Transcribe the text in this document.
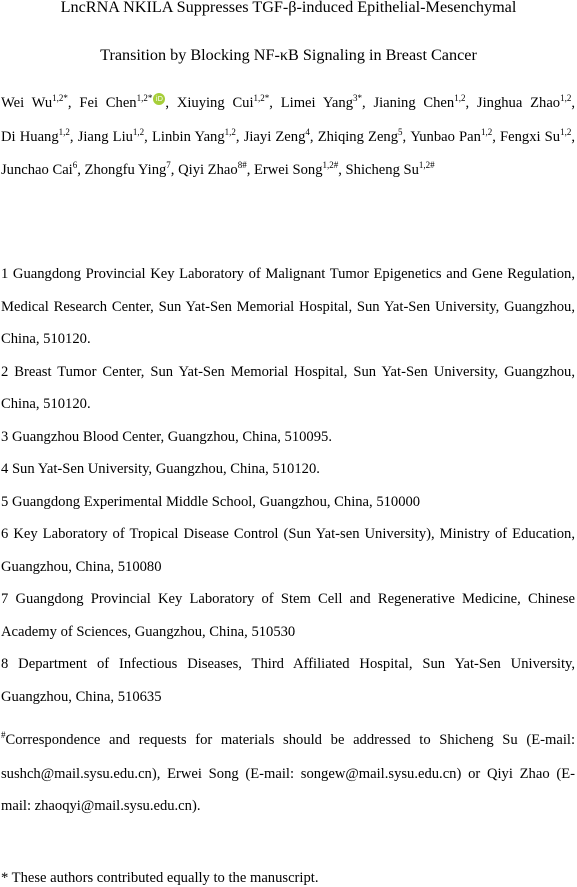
LncRNA NKILA Suppresses TGF-β-induced Epithelial-Mesenchymal
Transition by Blocking NF-κB Signaling in Breast Cancer
Wei $Wu^{1,2*}$, Fei Chen$^{1,2*}$ iD , Xiuying Cui$^{1,2*}$, Limei Yang$^{3*}$, Jianing Chen$^{1,2}$, Jinghua Zhao$^{1,2}$, Di Huang$^{1,2}$, Jiang Liu$^{1,2}$, Linbin Yang$^{1,2}$, Jiayi Zeng$^4$, Zhiqing Zeng$^5$, Yunbao Pan$^{1,2}$, Fengxi Su$^{1,2}$, Junchao Cai$^6$, Zhongfu Ying$^7$, Qiyi Zhao$^{8\#}$, Erwei Song$^{1,2\#}$, Shicheng $Su^{1,2\#}$
1 Guangdong Provincial Key Laboratory of Malignant Tumor Epigenetics and Gene Regulation, Medical Research Center, Sun Yat-Sen Memorial Hospital, Sun Yat-Sen University, Guangzhou, China, 510120.
2 Breast Tumor Center, Sun Yat-Sen Memorial Hospital, Sun Yat-Sen University, Guangzhou, China, 510120.
3 Guangzhou Blood Center, Guangzhou, China, 510095.
4 Sun Yat-Sen University, Guangzhou, China, 510120.
5 Guangdong Experimental Middle School, Guangzhou, China, 510000
6 Key Laboratory of Tropical Disease Control (Sun Yat-sen University), Ministry of Education, Guangzhou, China, 510080
7 Guangdong Provincial Key Laboratory of Stem Cell and Regenerative Medicine, Chinese Academy of Sciences, Guangzhou, China, 510530
8 Department of Infectious Diseases, Third Affiliated Hospital, Sun Yat-Sen University, Guangzhou, China, 510635
#Correspondence and requests for materials should be addressed to Shicheng Su (E-mail: sushch@mail.sysu.edu.cn), Erwei Song (E-mail: songew@mail.sysu.edu.cn) or Qiyi Zhao (E-mail: zhaoqyi@mail.sysu.edu.cn).
* These authors contributed equally to the manuscript.
